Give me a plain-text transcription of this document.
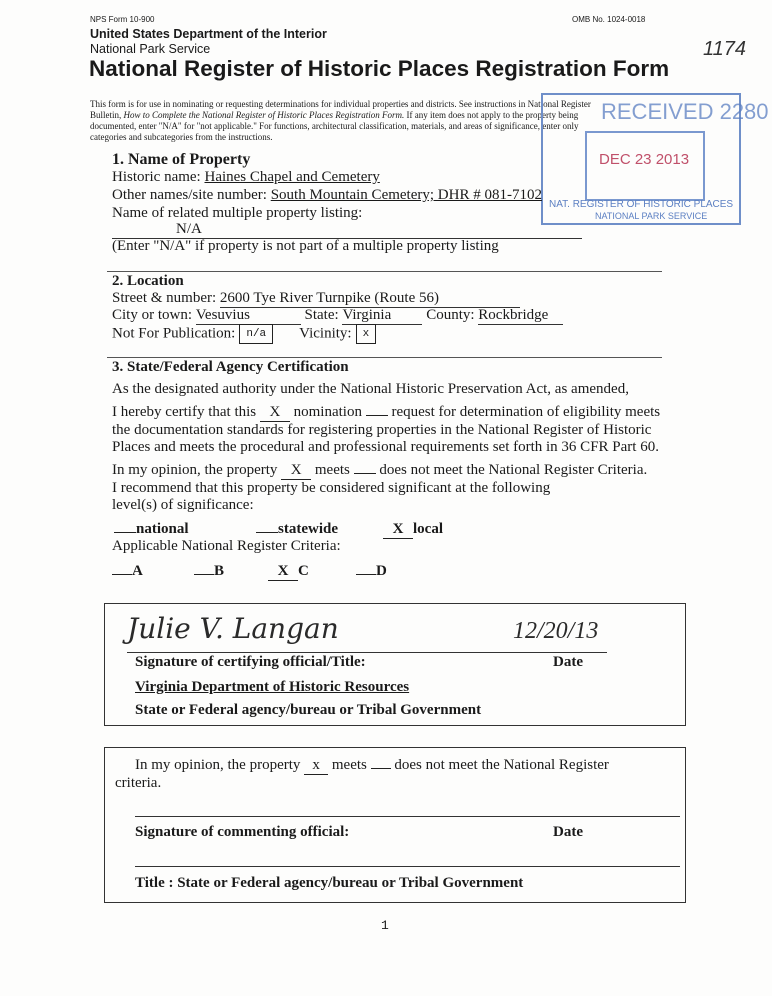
NPS Form 10-900	OMB No. 1024-0018
United States Department of the Interior
National Park Service
National Register of Historic Places Registration Form
1174
This form is for use in nominating or requesting determinations for individual properties and districts. See instructions in National Register
Bulletin, How to Complete the National Register of Historic Places Registration Form. If any item does not apply to the property being
documented, enter "N/A" for "not applicable." For functions, architectural classification, materials, and areas of significance, enter only
categories and subcategories from the instructions.
RECEIVED 2280
DEC 23 2013
NAT. REGISTER OF HISTORIC PLACES
NATIONAL PARK SERVICE
1. Name of Property
Historic name: Haines Chapel and Cemetery
Other names/site number: South Mountain Cemetery; DHR # 081-7102
Name of related multiple property listing:
N/A
(Enter "N/A" if property is not part of a multiple property listing
2. Location
Street & number: 2600 Tye River Turnpike (Route 56)
City or town: Vesuvius	State: Virginia County: Rockbridge
Not For Publication: n/a Vicinity: x
3. State/Federal Agency Certification
As the designated authority under the National Historic Preservation Act, as amended,
I hereby certify that this X nomination  request for determination of eligibility meets
the documentation standards for registering properties in the National Register of Historic
Places and meets the procedural and professional requirements set forth in 36 CFR Part 60.
In my opinion, the property X meets  does not meet the National Register Criteria.
I recommend that this property be considered significant at the following
level(s) of significance:
national	statewide	X local
Applicable National Register Criteria:
A	B	X C	D
Julie V. Langan	12/20/13
Signature of certifying official/Title:	Date
Virginia Department of Historic Resources
State or Federal agency/bureau or Tribal Government
In my opinion, the property x meets  does not meet the National Register
criteria.
Signature of commenting official:	Date
Title : State or Federal agency/bureau or Tribal Government
1
